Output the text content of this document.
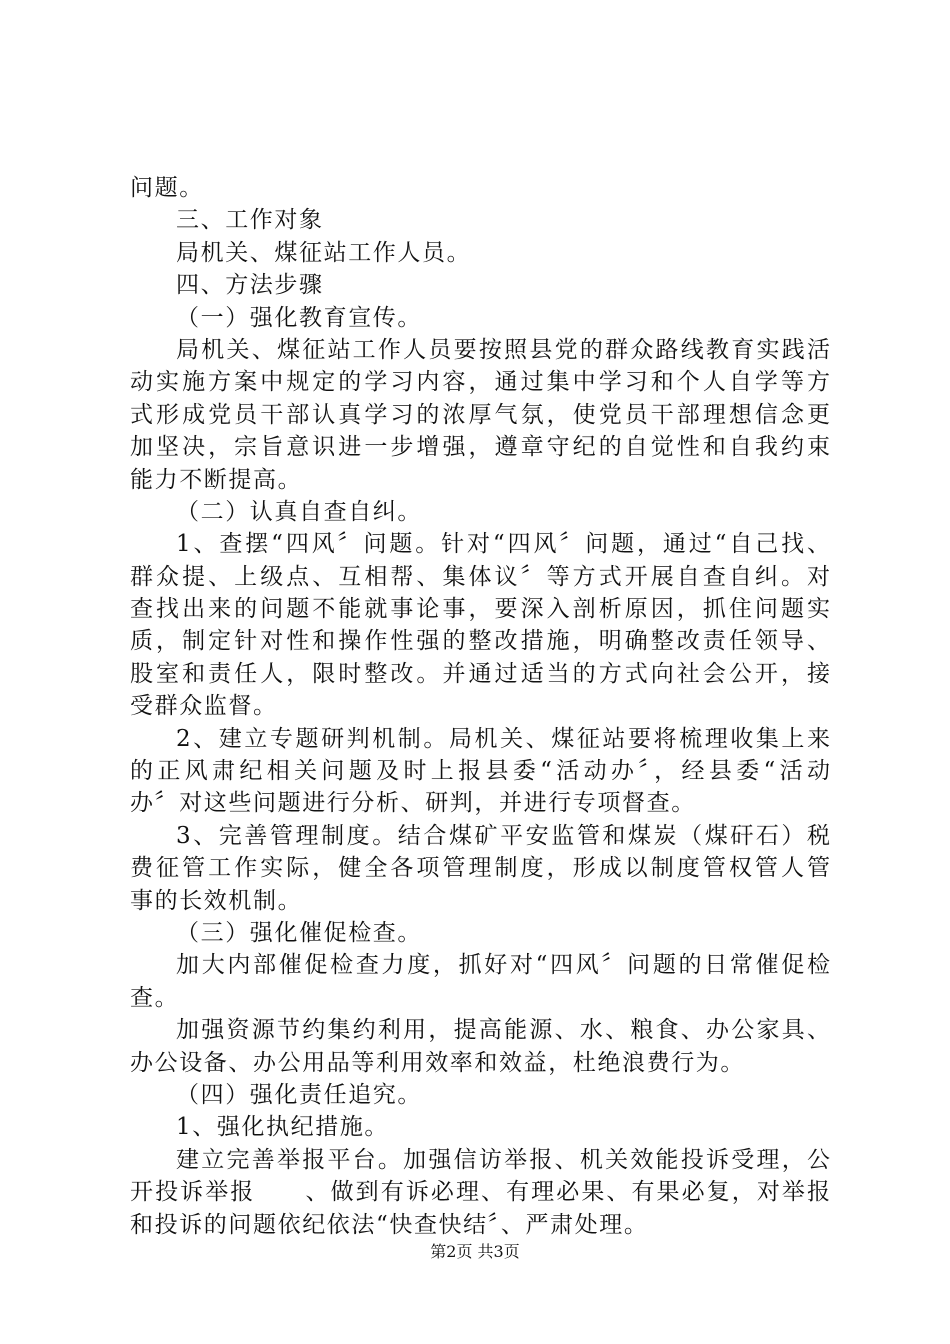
问题。
三、工作对象
局机关、煤征站工作人员。
四、方法步骤
（一）强化教育宣传。
局机关、煤征站工作人员要按照县党的群众路线教育实践活
动实施方案中规定的学习内容，通过集中学习和个人自学等方
式形成党员干部认真学习的浓厚气氛，使党员干部理想信念更
加坚决，宗旨意识进一步增强，遵章守纪的自觉性和自我约束
能力不断提高。
（二）认真自查自纠。
1、查摆“四风〞问题。针对“四风〞问题，通过“自己找、
群众提、上级点、互相帮、集体议〞等方式开展自查自纠。对
查找出来的问题不能就事论事，要深入剖析原因，抓住问题实
质，制定针对性和操作性强的整改措施，明确整改责任领导、
股室和责任人，限时整改。并通过适当的方式向社会公开，接
受群众监督。
2、建立专题研判机制。局机关、煤征站要将梳理收集上来
的正风肃纪相关问题及时上报县委“活动办〞，经县委“活动
办〞对这些问题进行分析、研判，并进行专项督查。
3、完善管理制度。结合煤矿平安监管和煤炭（煤矸石）税
费征管工作实际，健全各项管理制度，形成以制度管权管人管
事的长效机制。
（三）强化催促检查。
加大内部催促检查力度，抓好对“四风〞问题的日常催促检
查。
加强资源节约集约利用，提高能源、水、粮食、办公家具、
办公设备、办公用品等利用效率和效益，杜绝浪费行为。
（四）强化责任追究。
1、强化执纪措施。
建立完善举报平台。加强信访举报、机关效能投诉受理，公
开投诉举报　　、做到有诉必理、有理必果、有果必复，对举报
和投诉的问题依纪依法“快查快结〞、严肃处理。
第2页 共3页
